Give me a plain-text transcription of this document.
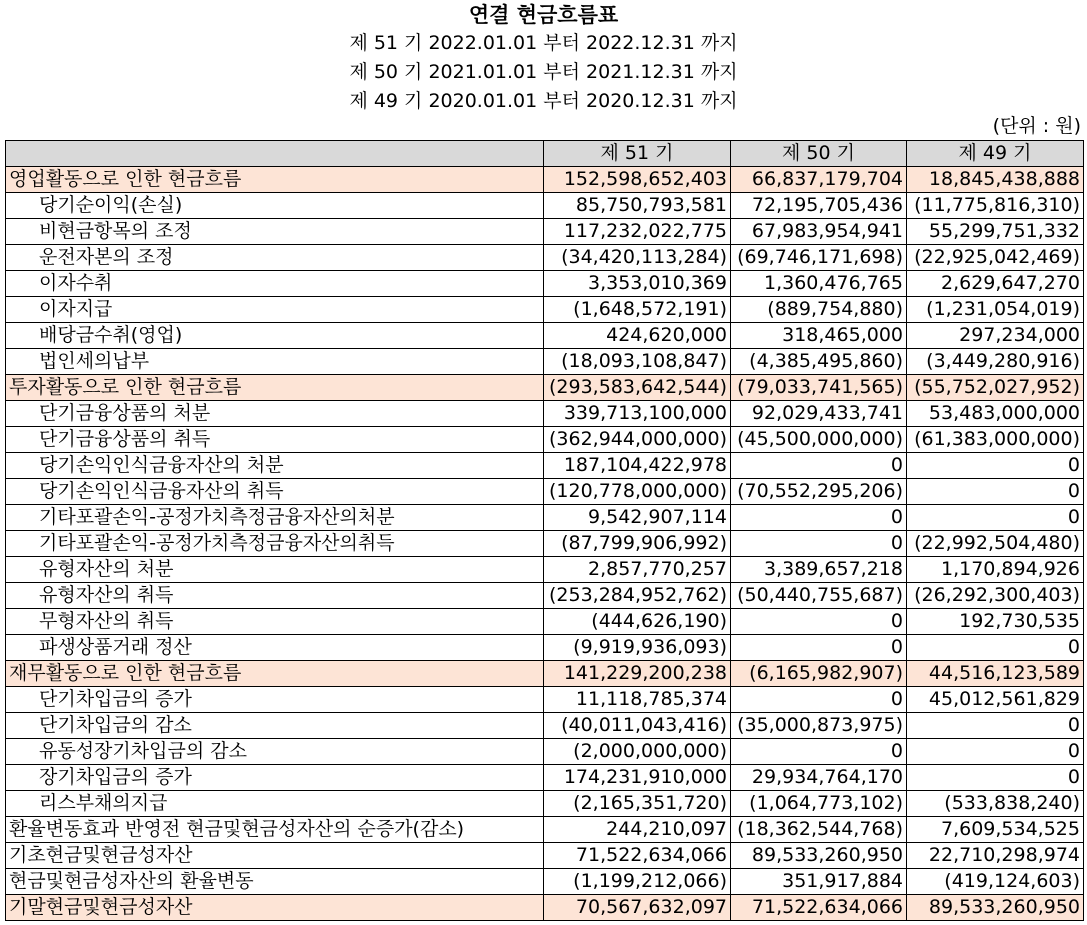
연결 현금흐름표
제 51 기 2022.01.01 부터 2022.12.31 까지
제 50 기 2021.01.01 부터 2021.12.31 까지
제 49 기 2020.01.01 부터 2020.12.31 까지
(단위 : 원)
	제 51 기	제 50 기	제 49 기
영업활동으로 인한 현금흐름	152,598,652,403	66,837,179,704	18,845,438,888
당기순이익(손실)	85,750,793,581	72,195,705,436	(11,775,816,310)
비현금항목의 조정	117,232,022,775	67,983,954,941	55,299,751,332
운전자본의 조정	(34,420,113,284)	(69,746,171,698)	(22,925,042,469)
이자수취	3,353,010,369	1,360,476,765	2,629,647,270
이자지급	(1,648,572,191)	(889,754,880)	(1,231,054,019)
배당금수취(영업)	424,620,000	318,465,000	297,234,000
법인세의납부	(18,093,108,847)	(4,385,495,860)	(3,449,280,916)
투자활동으로 인한 현금흐름	(293,583,642,544)	(79,033,741,565)	(55,752,027,952)
단기금융상품의 처분	339,713,100,000	92,029,433,741	53,483,000,000
단기금융상품의 취득	(362,944,000,000)	(45,500,000,000)	(61,383,000,000)
당기손익인식금융자산의 처분	187,104,422,978	0	0
당기손익인식금융자산의 취득	(120,778,000,000)	(70,552,295,206)	0
기타포괄손익-공정가치측정금융자산의처분	9,542,907,114	0	0
기타포괄손익-공정가치측정금융자산의취득	(87,799,906,992)	0	(22,992,504,480)
유형자산의 처분	2,857,770,257	3,389,657,218	1,170,894,926
유형자산의 취득	(253,284,952,762)	(50,440,755,687)	(26,292,300,403)
무형자산의 취득	(444,626,190)	0	192,730,535
파생상품거래 정산	(9,919,936,093)	0	0
재무활동으로 인한 현금흐름	141,229,200,238	(6,165,982,907)	44,516,123,589
단기차입금의 증가	11,118,785,374	0	45,012,561,829
단기차입금의 감소	(40,011,043,416)	(35,000,873,975)	0
유동성장기차입금의 감소	(2,000,000,000)	0	0
장기차입금의 증가	174,231,910,000	29,934,764,170	0
리스부채의지급	(2,165,351,720)	(1,064,773,102)	(533,838,240)
환율변동효과 반영전 현금및현금성자산의 순증가(감소)	244,210,097	(18,362,544,768)	7,609,534,525
기초현금및현금성자산	71,522,634,066	89,533,260,950	22,710,298,974
현금및현금성자산의 환율변동	(1,199,212,066)	351,917,884	(419,124,603)
기말현금및현금성자산	70,567,632,097	71,522,634,066	89,533,260,950
